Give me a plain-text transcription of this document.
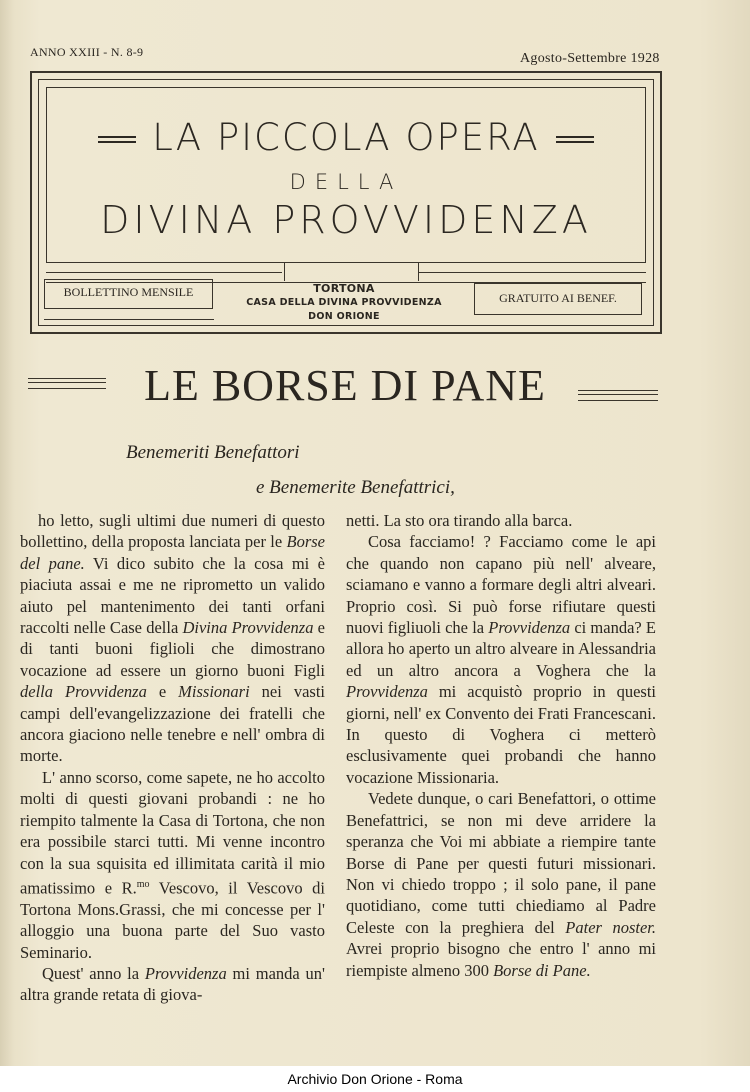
ANNO XXIII - N. 8-9	Agosto-Settembre 1928
LA PICCOLA OPERA
DELLA
DIVINA PROVVIDENZA
BOLLETTINO MENSILE	TORTONA
CASA DELLA DIVINA PROVVIDENZA
DON ORIONE
GRATUITO AI BENEF.
LE BORSE DI PANE
Benemeriti Benefattori
e Benemerite Benefattrici,

ho letto, sugli ultimi due numeri di questo bollettino, della proposta lanciata per le Borse del pane. Vi dico subito che la cosa mi è piaciuta assai e me ne riprometto un valido aiuto pel mantenimento dei tanti orfani raccolti nelle Case della Divina Provvidenza e di tanti buoni figlioli che dimostrano vocazione ad essere un giorno buoni Figli della Provvidenza e Missionari nei vasti campi dell'evangelizzazione dei fratelli che ancora giaciono nelle tenebre e nell' ombra di morte.

L' anno scorso, come sapete, ne ho accolto molti di questi giovani probandi : ne ho riempito talmente la Casa di Tortona, che non era possibile starci tutti. Mi venne incontro con la sua squisita ed illimitata carità il mio amatissimo e R.$^{mo}$ Vescovo, il Vescovo di Tortona Mons.Grassi, che mi concesse per l' alloggio una buona parte del Suo vasto Seminario.

Quest' anno la Provvidenza mi manda un' altra grande retata di giova-

netti. La sto ora tirando alla barca.

Cosa facciamo! ? Facciamo come le api che quando non capano più nell' alveare, sciamano e vanno a formare degli altri alveari. Proprio così. Si può forse rifiutare questi nuovi figliuoli che la Provvidenza ci manda? E allora ho aperto un altro alveare in Alessandria ed un altro ancora a Voghera che la Provvidenza mi acquistò proprio in questi giorni, nell' ex Convento dei Frati Francescani. In questo di Voghera ci metterò esclusivamente quei probandi che hanno vocazione Missionaria.

Vedete dunque, o cari Benefattori, o ottime Benefattrici, se non mi deve arridere la speranza che Voi mi abbiate a riempire tante Borse di Pane per questi futuri missionari. Non vi chiedo troppo ; il solo pane, il pane quotidiano, come tutti chiediamo al Padre Celeste con la preghiera del Pater noster. Avrei proprio bisogno che entro l' anno mi riempiste almeno 300 Borse di Pane.

Archivio Don Orione - Roma
